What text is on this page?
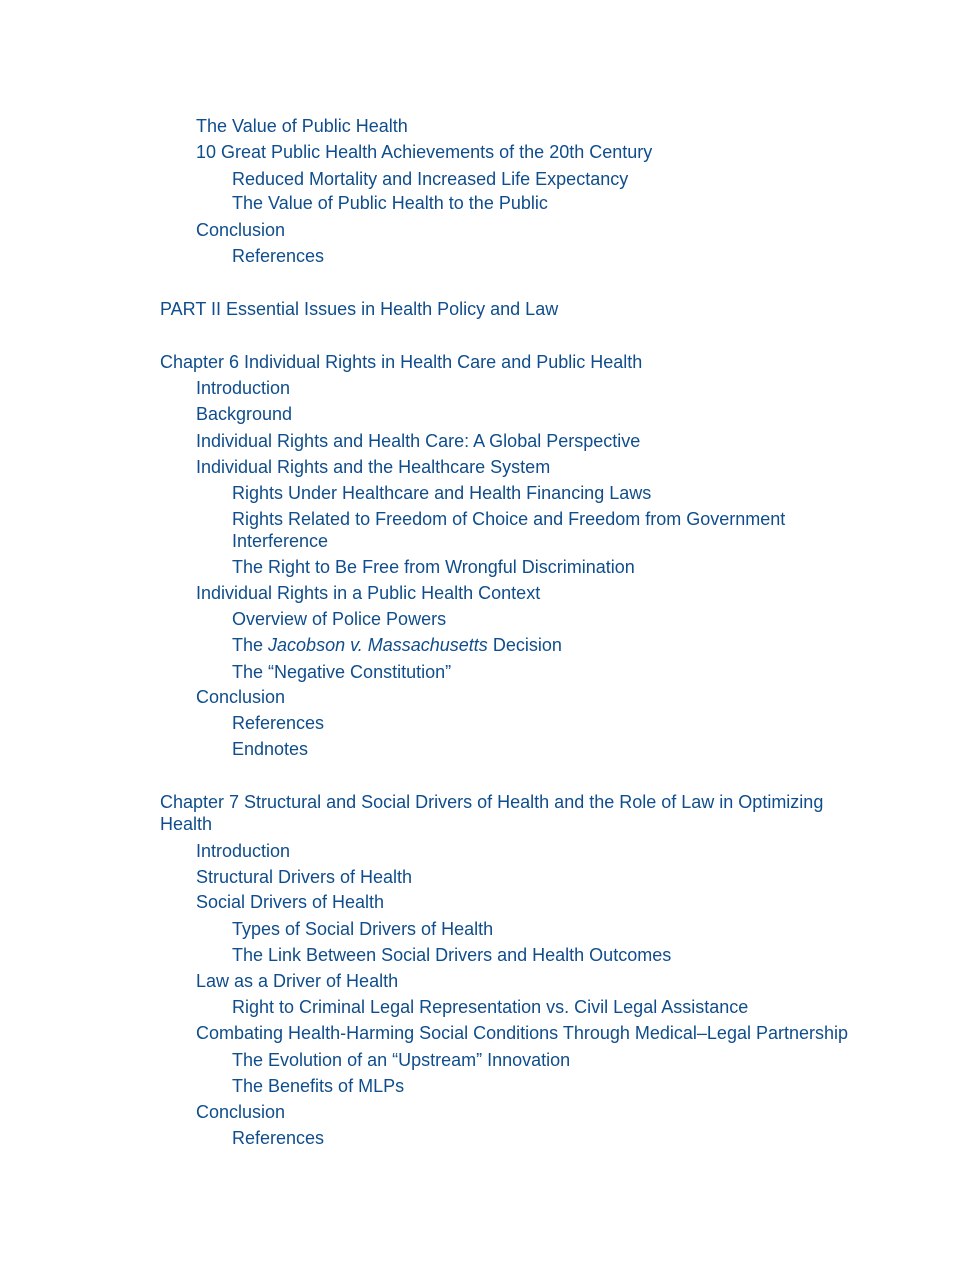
The Value of Public Health
10 Great Public Health Achievements of the 20th Century
Reduced Mortality and Increased Life Expectancy
The Value of Public Health to the Public
Conclusion
References
PART II Essential Issues in Health Policy and Law
Chapter 6 Individual Rights in Health Care and Public Health
Introduction
Background
Individual Rights and Health Care: A Global Perspective
Individual Rights and the Healthcare System
Rights Under Healthcare and Health Financing Laws
Rights Related to Freedom of Choice and Freedom from Government Interference
The Right to Be Free from Wrongful Discrimination
Individual Rights in a Public Health Context
Overview of Police Powers
The Jacobson v. Massachusetts Decision
The “Negative Constitution”
Conclusion
References
Endnotes
Chapter 7 Structural and Social Drivers of Health and the Role of Law in Optimizing Health
Introduction
Structural Drivers of Health
Social Drivers of Health
Types of Social Drivers of Health
The Link Between Social Drivers and Health Outcomes
Law as a Driver of Health
Right to Criminal Legal Representation vs. Civil Legal Assistance
Combating Health-Harming Social Conditions Through Medical–Legal Partnership
The Evolution of an “Upstream” Innovation
The Benefits of MLPs
Conclusion
References
